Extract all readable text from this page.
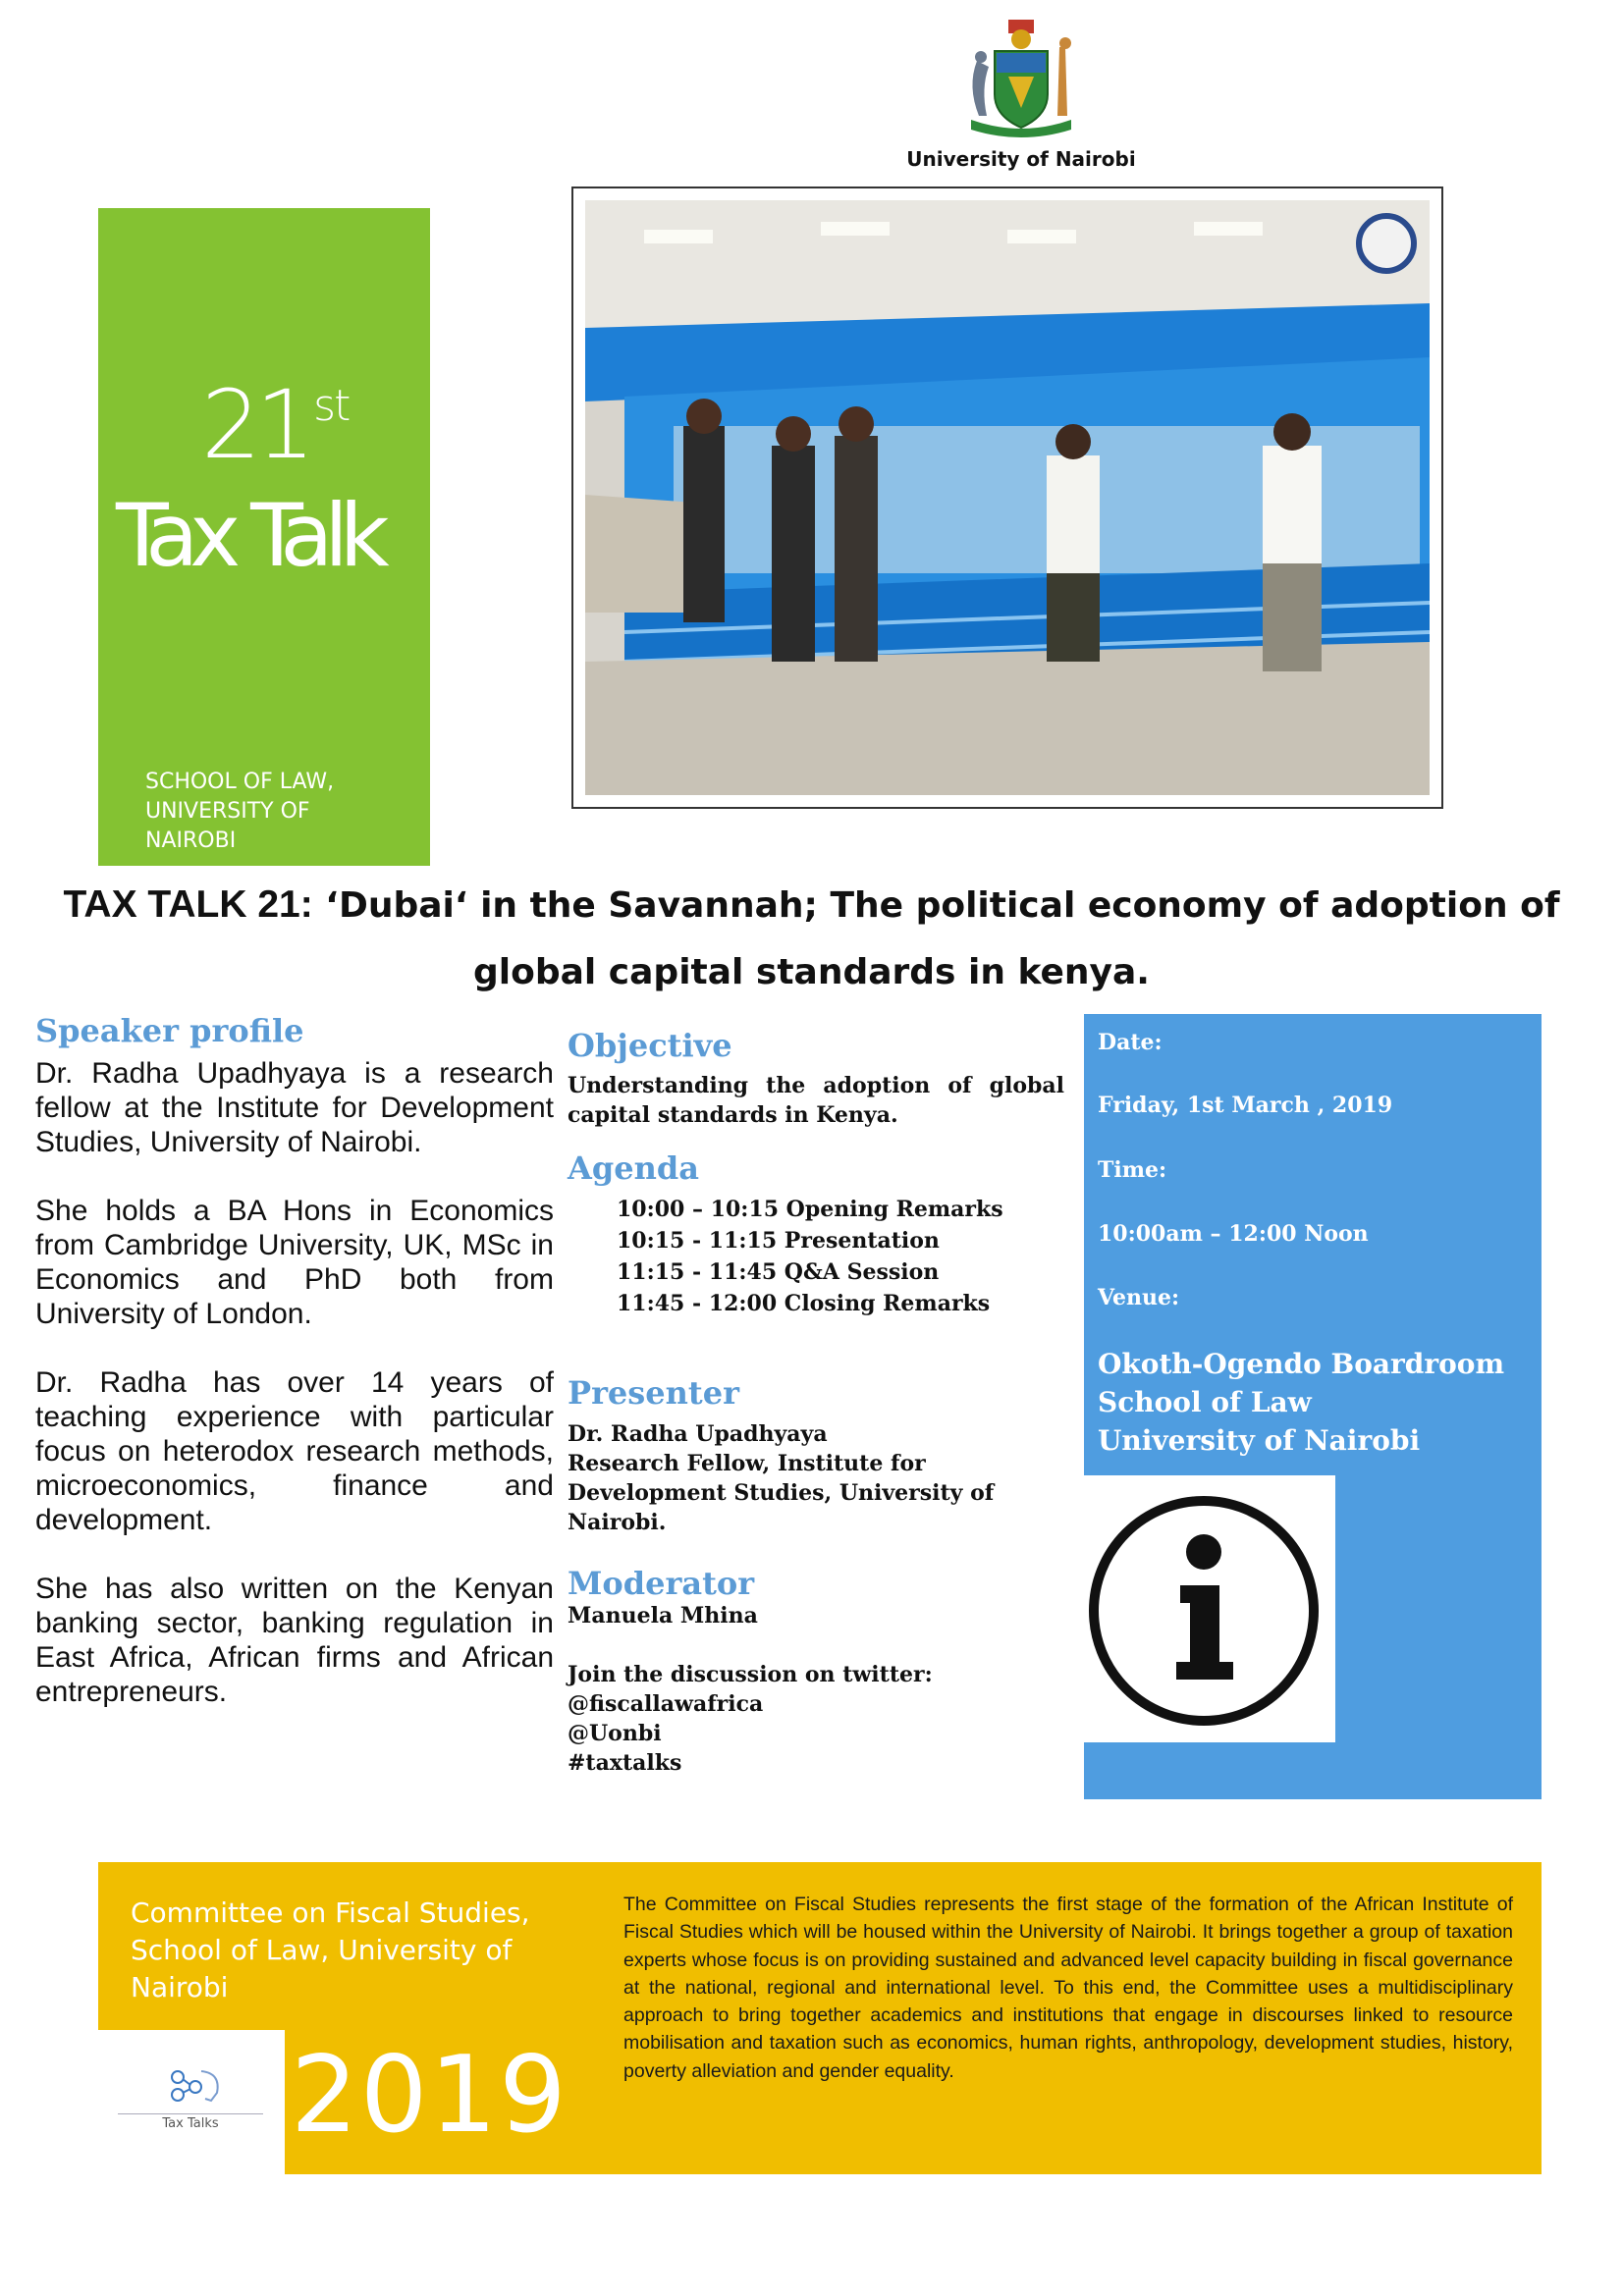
University of Nairobi
21st
Tax Talk
SCHOOL OF LAW, UNIVERSITY OF NAIROBI
TAX TALK 21: ‘Dubai‘ in the Savannah; The political economy of adoption of global capital standards in kenya.
Speaker profile

Dr. Radha Upadhyaya is a research fellow at the Institute for Development Studies, University of Nairobi.

She holds a BA Hons in Economics from Cambridge University, UK, MSc in Economics and PhD both from University of London.

Dr. Radha has over 14 years of teaching experience with particular focus on heterodox research methods, microeconomics, finance and development.

She has also written on the Kenyan banking sector, banking regulation in East Africa, African firms and African entrepreneurs.

Objective

Understanding the adoption of global capital standards in Kenya.

Agenda
10:00 – 10:15 Opening Remarks
10:15 - 11:15 Presentation
11:15 - 11:45 Q&A Session
11:45 - 12:00 Closing Remarks
Presenter

Dr. Radha Upadhyaya

Research Fellow, Institute for Development Studies, University of Nairobi.

Moderator

Manuela Mhina

Join the discussion on twitter:

@fiscallawafrica

@Uonbi

#taxtalks

Date:
Friday, 1st March , 2019
Time:
10:00am – 12:00 Noon
Venue:
Okoth-Ogendo Boardroom
School of Law
University of Nairobi
Committee on Fiscal Studies, School of Law, University of Nairobi
2019
The Committee on Fiscal Studies represents the first stage of the formation of the African Institute of Fiscal Studies which will be housed within the University of Nairobi. It brings together a group of taxation experts whose focus is on providing sustained and advanced level capacity building in fiscal governance at the national, regional and international level. To this end, the Committee uses a multidisciplinary approach to bring together academics and institutions that engage in discourses linked to resource mobilisation and taxation such as economics, human rights, anthropology, development studies, history, poverty alleviation and gender equality.
Tax Talks
